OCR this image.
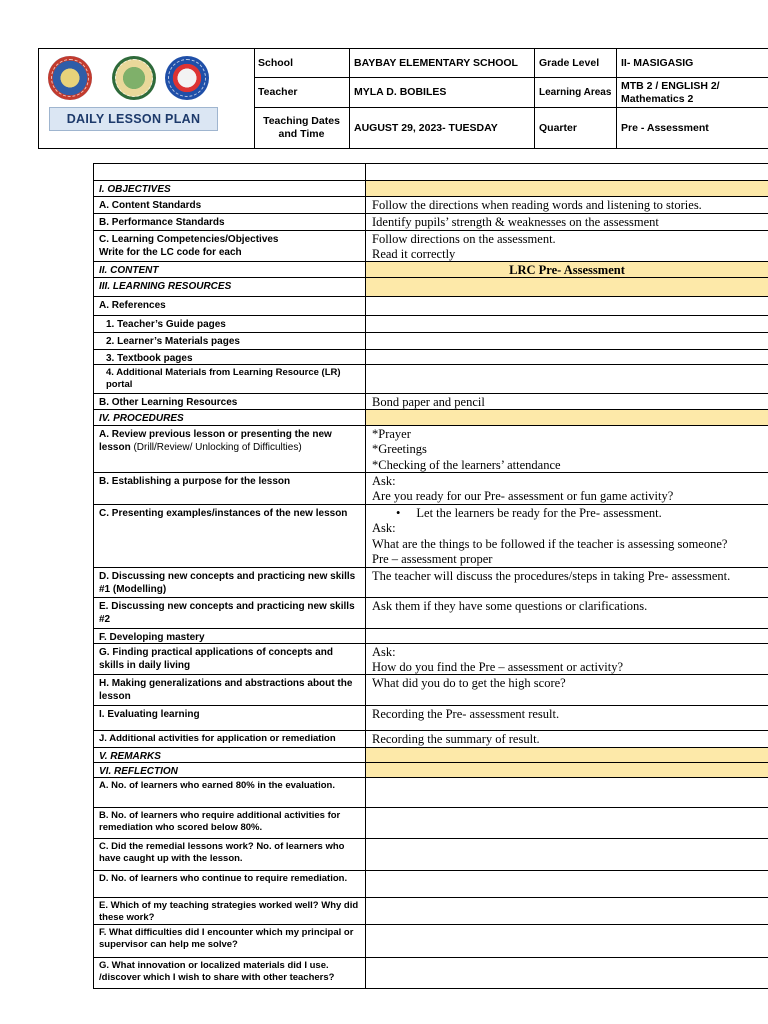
DAILY LESSON PLAN
School	BAYBAY ELEMENTARY SCHOOL	Grade Level	II- MASIGASIG
Teacher	MYLA D. BOBILES	Learning Areas
MTB 2 / ENGLISH 2/ Mathematics 2
Teaching Dates and Time
AUGUST 29, 2023- TUESDAY	Quarter	Pre - Assessment
I. OBJECTIVES
A. Content Standards	Follow the directions when reading words and listening to stories.
B. Performance Standards	Identify pupils’ strength & weaknesses on the assessment
C. Learning Competencies/Objectives
Write for the LC code for each
Follow directions on the assessment.
Read it correctly
II. CONTENT	LRC Pre- Assessment
III. LEARNING RESOURCES
A. References
1. Teacher’s Guide pages
2. Learner’s Materials pages
3. Textbook pages
4. Additional Materials from Learning Resource (LR) portal
B. Other Learning Resources	Bond paper and pencil
IV. PROCEDURES
A. Review previous lesson or presenting the new lesson (Drill/Review/ Unlocking of Difficulties)
*Prayer
*Greetings
*Checking of the learners’ attendance
B. Establishing a purpose for the lesson	Ask:
Are you ready for our Pre- assessment or fun game activity?
C. Presenting examples/instances of the new lesson
•	Let the learners be ready for the Pre- assessment.
Ask:
What are the things to be followed if the teacher is assessing someone?
Pre – assessment proper
D. Discussing new concepts and practicing new skills #1 (Modelling)
The teacher will discuss the procedures/steps in taking Pre- assessment.
E. Discussing new concepts and practicing new skills #2
Ask them if they have some questions or clarifications.
F. Developing mastery
G. Finding practical applications of concepts and skills in daily living
Ask:
How do you find the Pre – assessment or activity?
H. Making generalizations and abstractions about the lesson
What did you do to get the high score?
I. Evaluating learning	Recording the Pre- assessment result.
J. Additional activities for application or remediation	Recording the summary of result.
V. REMARKS
VI. REFLECTION
A. No. of learners who earned 80% in the evaluation.
B. No. of learners who require additional activities for remediation who scored below 80%.
C. Did the remedial lessons work? No. of learners who have caught up with the lesson.
D. No. of learners who continue to require remediation.
E. Which of my teaching strategies worked well? Why did these work?
F. What difficulties did I encounter which my principal or supervisor can help me solve?
G. What innovation or localized materials did I use. /discover which I wish to share with other teachers?
